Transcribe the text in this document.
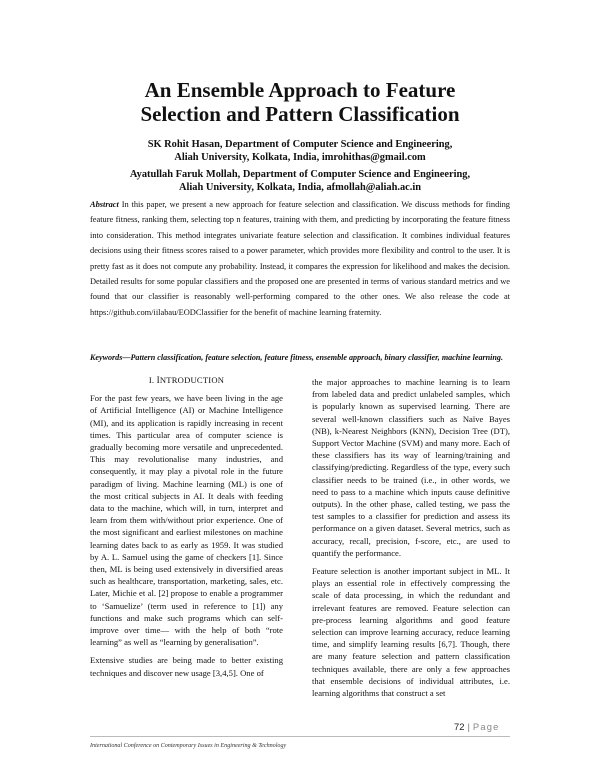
An Ensemble Approach to Feature
Selection and Pattern Classification
SK Rohit Hasan, Department of Computer Science and Engineering,
Aliah University, Kolkata, India, imrohithas@gmail.com
Ayatullah Faruk Mollah, Department of Computer Science and Engineering,
Aliah University, Kolkata, India, afmollah@aliah.ac.in
Abstract In this paper, we present a new approach for feature selection and classification. We discuss methods for finding feature fitness, ranking them, selecting top n features, training with them, and predicting by incorporating the feature fitness into consideration. This method integrates univariate feature selection and classification. It combines individual features decisions using their fitness scores raised to a power parameter, which provides more flexibility and control to the user. It is pretty fast as it does not compute any probability. Instead, it compares the expression for likelihood and makes the decision. Detailed results for some popular classifiers and the proposed one are presented in terms of various standard metrics and we found that our classifier is reasonably well-performing compared to the other ones. We also release the code at https://github.com/iilabau/EODClassifier for the benefit of machine learning fraternity.
Keywords—Pattern classification, feature selection, feature fitness, ensemble approach, binary classifier, machine learning.
I. INTRODUCTION

For the past few years, we have been living in the age of Artificial Intelligence (AI) or Machine Intelligence (MI), and its application is rapidly increasing in recent times. This particular area of computer science is gradually becoming more versatile and unprecedented. This may revolutionalise many industries, and consequently, it may play a pivotal role in the future paradigm of living. Machine learning (ML) is one of the most critical subjects in AI. It deals with feeding data to the machine, which will, in turn, interpret and learn from them with/without prior experience. One of the most significant and earliest milestones on machine learning dates back to as early as 1959. It was studied by A. L. Samuel using the game of checkers [1]. Since then, ML is being used extensively in diversified areas such as healthcare, transportation, marketing, sales, etc. Later, Michie et al. [2] propose to enable a programmer to ‘Samuelize’ (term used in reference to [1]) any functions and make such programs which can self-improve over time— with the help of both “rote learning” as well as “learning by generalisation”.

Extensive studies are being made to better existing techniques and discover new usage [3,4,5]. One of

the major approaches to machine learning is to learn from labeled data and predict unlabeled samples, which is popularly known as supervised learning. There are several well-known classifiers such as Naïve Bayes (NB), k-Nearest Neighbors (KNN), Decision Tree (DT), Support Vector Machine (SVM) and many more. Each of these classifiers has its way of learning/training and classifying/predicting. Regardless of the type, every such classifier needs to be trained (i.e., in other words, we need to pass to a machine which inputs cause definitive outputs). In the other phase, called testing, we pass the test samples to a classifier for prediction and assess its performance on a given dataset. Several metrics, such as accuracy, recall, precision, f-score, etc., are used to quantify the performance.

Feature selection is another important subject in ML. It plays an essential role in effectively compressing the scale of data processing, in which the redundant and irrelevant features are removed. Feature selection can pre-process learning algorithms and good feature selection can improve learning accuracy, reduce learning time, and simplify learning results [6,7]. Though, there are many feature selection and pattern classification techniques available, there are only a few approaches that ensemble decisions of individual attributes, i.e. learning algorithms that construct a set

72 | Page
International Conference on Contemporary Issues in Engineering & Technology
